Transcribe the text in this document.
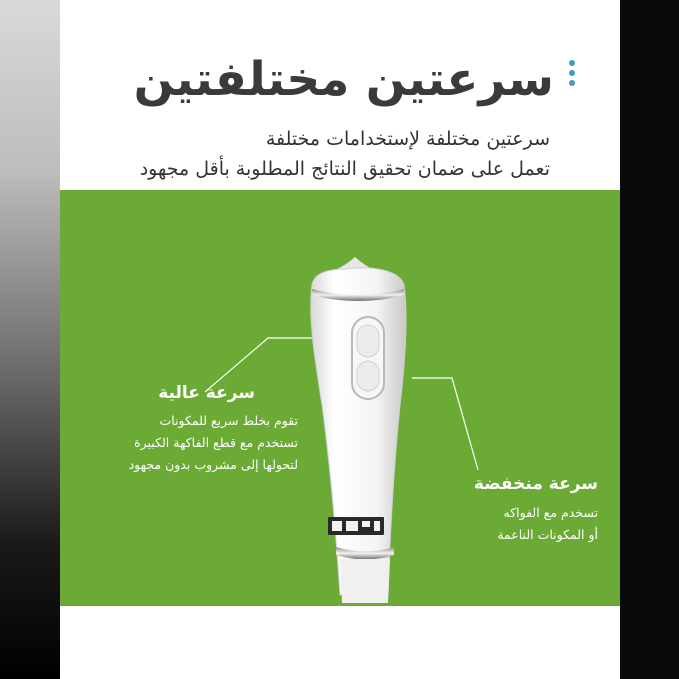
سرعتين مختلفتين
سرعتين مختلفة لإستخدامات مختلفة
تعمل على ضمان تحقيق النتائج المطلوبة بأقل مجهود
سرعة عالية
تقوم بخلط سريع للمكونات
تستخدم مع قطع الفاكهة الكبيرة
لتحولها إلى مشروب بدون مجهود
سرعة منخفضة
تسخدم مع الفواكه
أو المكونات الناعمة
